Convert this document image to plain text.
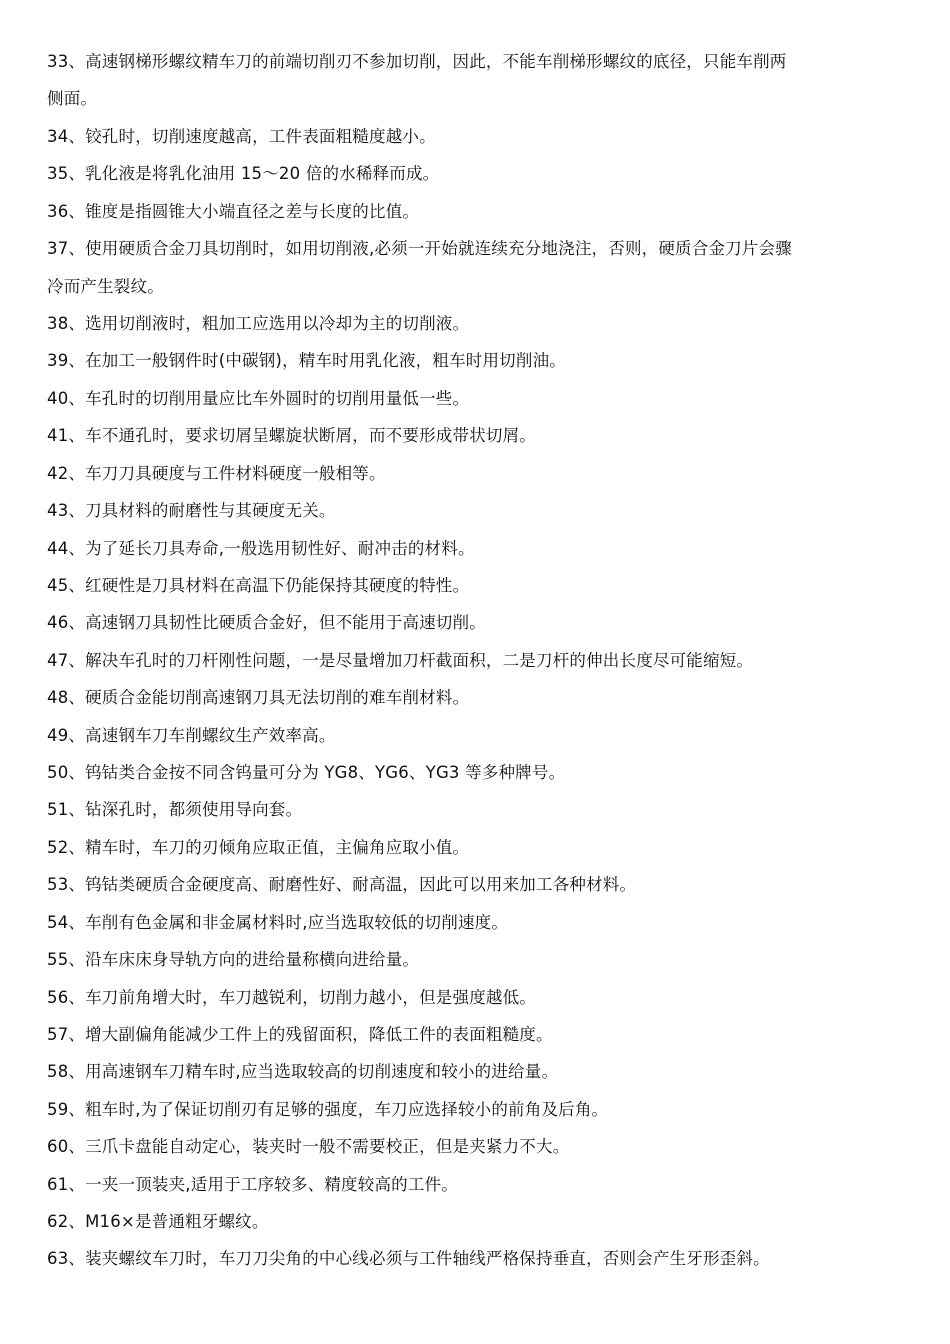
33、高速钢梯形螺纹精车刀的前端切削刃不参加切削，因此，不能车削梯形螺纹的底径，只能车削两
侧面。
34、铰孔时，切削速度越高，工件表面粗糙度越小。
35、乳化液是将乳化油用 15～20 倍的水稀释而成。
36、锥度是指圆锥大小端直径之差与长度的比值。
37、使用硬质合金刀具切削时，如用切削液,必须一开始就连续充分地浇注，否则，硬质合金刀片会骤
冷而产生裂纹。
38、选用切削液时，粗加工应选用以冷却为主的切削液。
39、在加工一般钢件时(中碳钢)，精车时用乳化液，粗车时用切削油。
40、车孔时的切削用量应比车外圆时的切削用量低一些。
41、车不通孔时，要求切屑呈螺旋状断屑，而不要形成带状切屑。
42、车刀刀具硬度与工件材料硬度一般相等。
43、刀具材料的耐磨性与其硬度无关。
44、为了延长刀具寿命,一般选用韧性好、耐冲击的材料。
45、红硬性是刀具材料在高温下仍能保持其硬度的特性。
46、高速钢刀具韧性比硬质合金好，但不能用于高速切削。
47、解决车孔时的刀杆刚性问题，一是尽量增加刀杆截面积，二是刀杆的伸出长度尽可能缩短。
48、硬质合金能切削高速钢刀具无法切削的难车削材料。
49、高速钢车刀车削螺纹生产效率高。
50、钨钴类合金按不同含钨量可分为 YG8、YG6、YG3 等多种牌号。
51、钻深孔时，都须使用导向套。
52、精车时，车刀的刃倾角应取正值，主偏角应取小值。
53、钨钴类硬质合金硬度高、耐磨性好、耐高温，因此可以用来加工各种材料。
54、车削有色金属和非金属材料时,应当选取较低的切削速度。
55、沿车床床身导轨方向的进给量称横向进给量。
56、车刀前角增大时，车刀越锐利，切削力越小，但是强度越低。
57、增大副偏角能减少工件上的残留面积，降低工件的表面粗糙度。
58、用高速钢车刀精车时,应当选取较高的切削速度和较小的进给量。
59、粗车时,为了保证切削刃有足够的强度，车刀应选择较小的前角及后角。
60、三爪卡盘能自动定心，装夹时一般不需要校正，但是夹紧力不大。
61、一夹一顶装夹,适用于工序较多、精度较高的工件。
62、M16×是普通粗牙螺纹。
63、装夹螺纹车刀时，车刀刀尖角的中心线必须与工件轴线严格保持垂直，否则会产生牙形歪斜。
